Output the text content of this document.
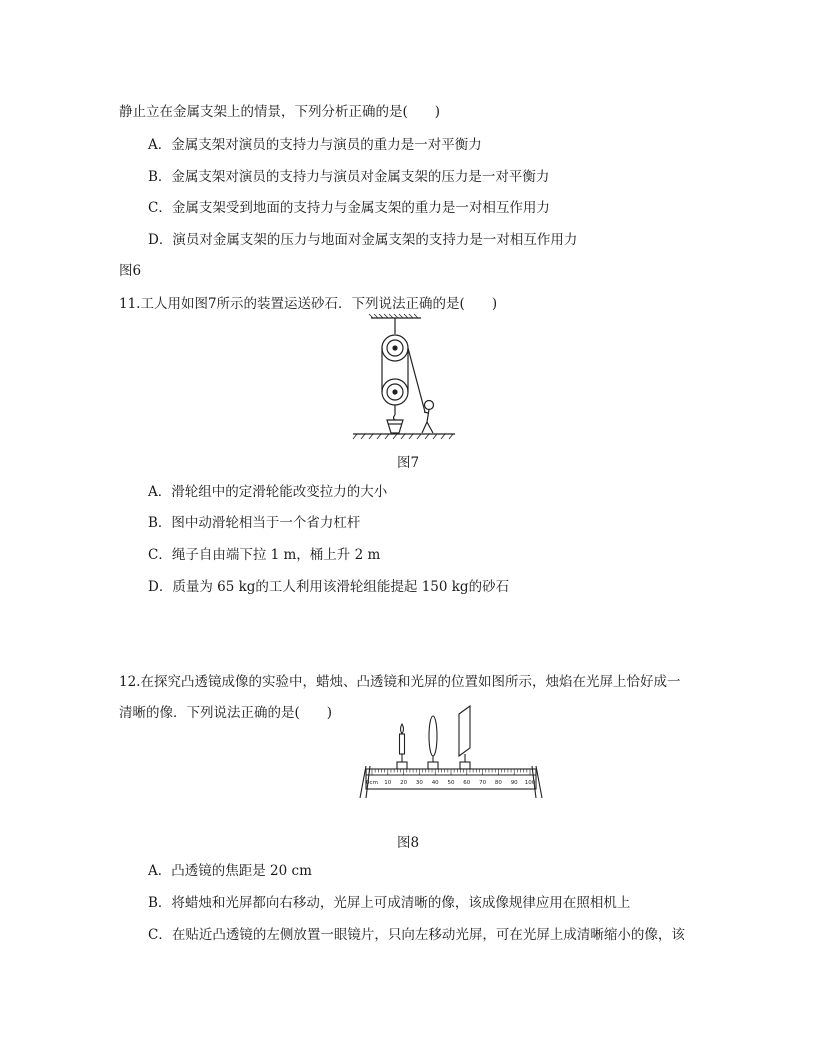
静止立在金属支架上的情景，下列分析正确的是(　　)
A．金属支架对演员的支持力与演员的重力是一对平衡力
B．金属支架对演员的支持力与演员对金属支架的压力是一对平衡力
C．金属支架受到地面的支持力与金属支架的重力是一对相互作用力
D．演员对金属支架的压力与地面对金属支架的支持力是一对相互作用力
图6
11.工人用如图7所示的装置运送砂石．下列说法正确的是(　　)
图7
A．滑轮组中的定滑轮能改变拉力的大小
B．图中动滑轮相当于一个省力杠杆
C．绳子自由端下拉 1 m，桶上升 2 m
D．质量为 65 kg的工人利用该滑轮组能提起 150 kg的砂石
12.在探究凸透镜成像的实验中，蜡烛、凸透镜和光屏的位置如图所示，烛焰在光屏上恰好成一
清晰的像．下列说法正确的是(　　)
0cm 10 20 30 40 50 60 70 80 90 100
图8
A．凸透镜的焦距是 20 cm
B．将蜡烛和光屏都向右移动，光屏上可成清晰的像，该成像规律应用在照相机上
C．在贴近凸透镜的左侧放置一眼镜片，只向左移动光屏，可在光屏上成清晰缩小的像，该
